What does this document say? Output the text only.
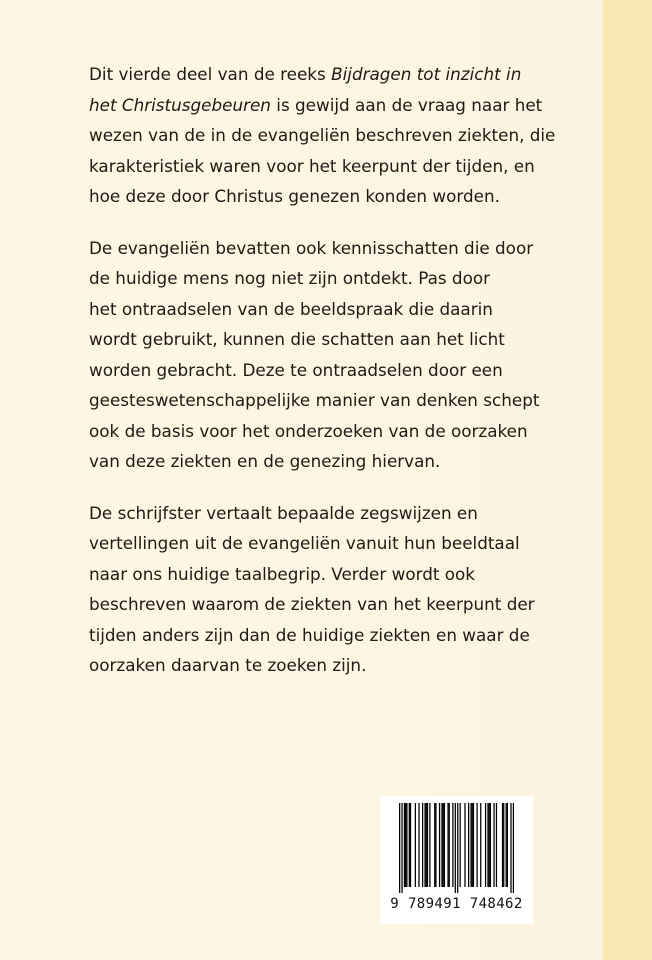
Dit vierde deel van de reeks Bijdragen tot inzicht in
het Christusgebeuren is gewijd aan de vraag naar het
wezen van de in de evangeliën beschreven ziekten, die
karakteristiek waren voor het keerpunt der tijden, en
hoe deze door Christus genezen konden worden.

De evangeliën bevatten ook kennisschatten die door
de huidige mens nog niet zijn ontdekt. Pas door
het ontraadselen van de beeldspraak die daarin
wordt gebruikt, kunnen die schatten aan het licht
worden gebracht. Deze te ontraadselen door een
geesteswetenschappelijke manier van denken schept
ook de basis voor het onderzoeken van de oorzaken
van deze ziekten en de genezing hiervan.

De schrijfster vertaalt bepaalde zegswijzen en
vertellingen uit de evangeliën vanuit hun beeldtaal
naar ons huidige taalbegrip. Verder wordt ook
beschreven waarom de ziekten van het keerpunt der
tijden anders zijn dan de huidige ziekten en waar de
oorzaken daarvan te zoeken zijn.

9 789491 748462
